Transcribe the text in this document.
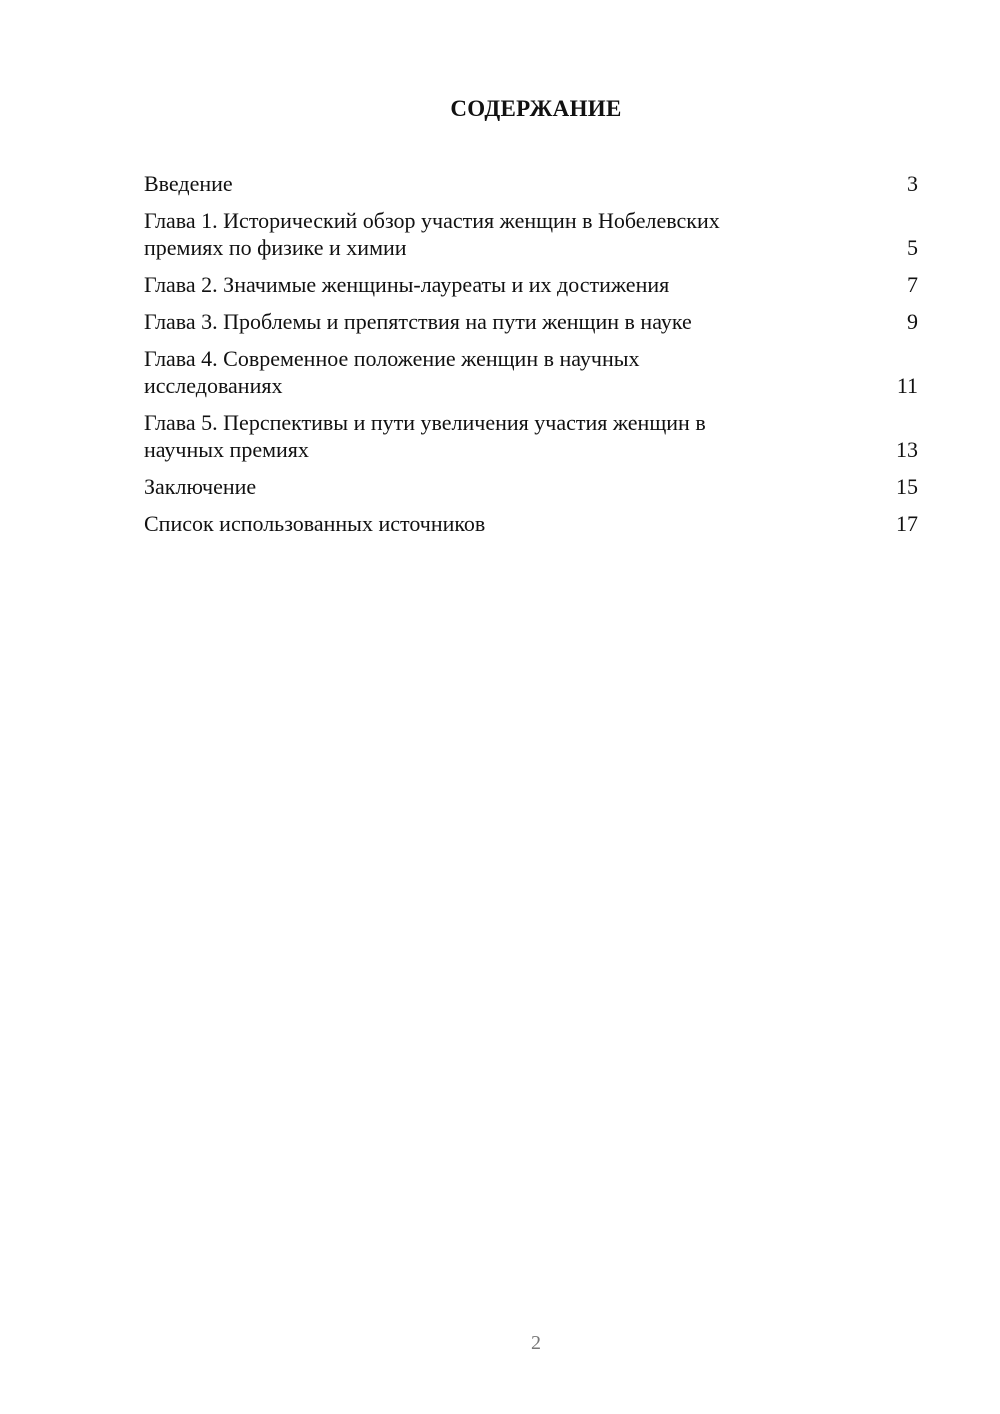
СОДЕРЖАНИЕ
Введение	3
Глава 1. Исторический обзор участия женщин в Нобелевских
премиях по физике и химии	5
Глава 2. Значимые женщины-лауреаты и их достижения	7
Глава 3. Проблемы и препятствия на пути женщин в науке	9
Глава 4. Современное положение женщин в научных
исследованиях	11
Глава 5. Перспективы и пути увеличения участия женщин в
научных премиях	13
Заключение	15
Список использованных источников	17
2
